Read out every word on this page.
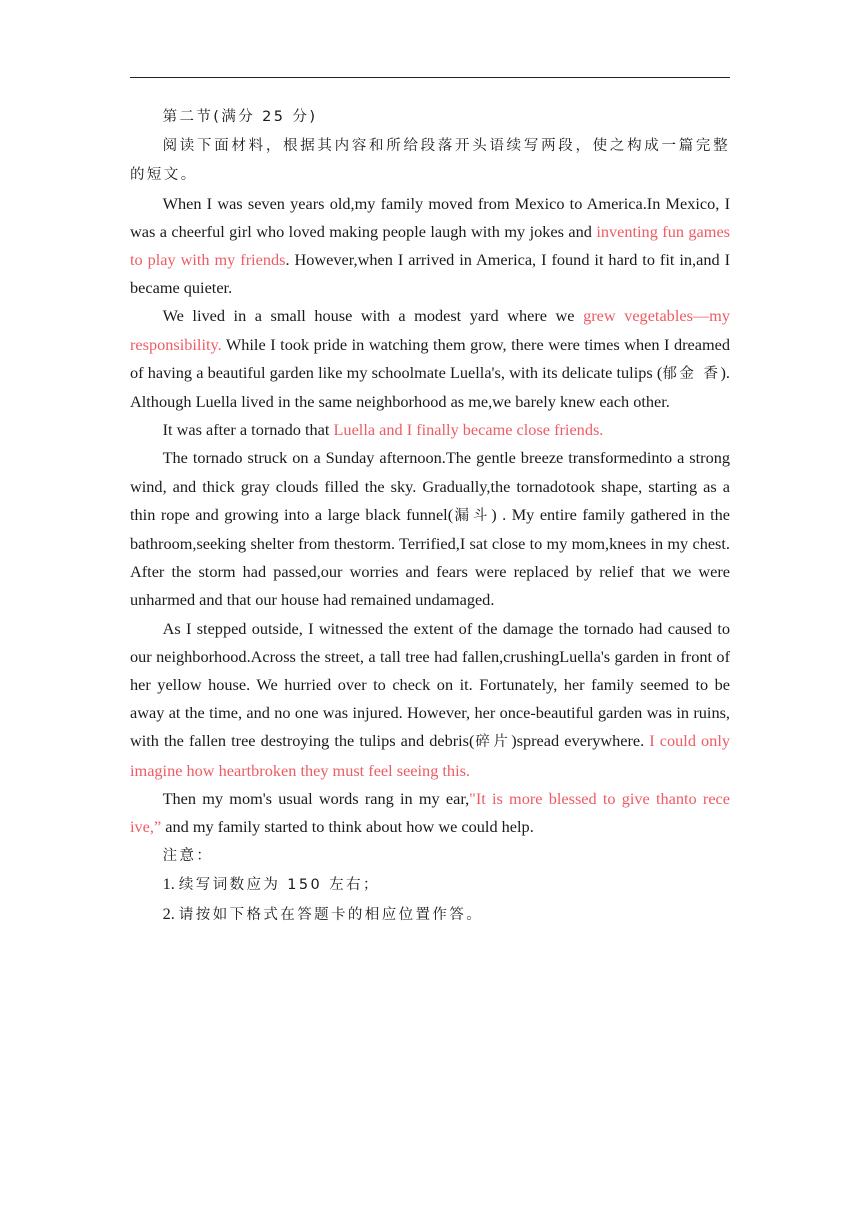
第二节(满分 25 分)

阅读下面材料，根据其内容和所给段落开头语续写两段，使之构成一篇完整的短文。

When I was seven years old,my family moved from Mexico to America.In Mexico, I was a cheerful girl who loved making people laugh with my jokes and inventing fun games to play with my friends. However,when I arrived in America, I found it hard to fit in,and I became quieter.

We lived in a small house with a modest yard where we grew vegetables—my responsibility. While I took pride in watching them grow, there were times when I dreamed of having a beautiful garden like my schoolmate Luella's, with its delicate tulips (郁金 香). Although Luella lived in the same neighborhood as me,we barely knew each other.

It was after a tornado that Luella and I finally became close friends.

The tornado struck on a Sunday afternoon.The gentle breeze transformedinto a strong wind, and thick gray clouds filled the sky. Gradually,the tornadotook shape, starting as a thin rope and growing into a large black funnel(漏斗) . My entire family gathered in the bathroom,seeking shelter from thestorm. Terrified,I sat close to my mom,knees in my chest. After the storm had passed,our worries and fears were replaced by relief that we were unharmed and that our house had remained undamaged.

As I stepped outside, I witnessed the extent of the damage the tornado had caused to our neighborhood.Across the street, a tall tree had fallen,crushingLuella's garden in front of her yellow house. We hurried over to check on it. Fortunately, her family seemed to be away at the time, and no one was injured. However, her once-beautiful garden was in ruins, with the fallen tree destroying the tulips and debris(碎片)spread everywhere. I could only imagine how heartbroken they must feel seeing this.

Then my mom's usual words rang in my ear,"It is more blessed to give thanto rece ive,” and my family started to think about how we could help.

注意：

1. 续写词数应为 150 左右；

2. 请按如下格式在答题卡的相应位置作答。
